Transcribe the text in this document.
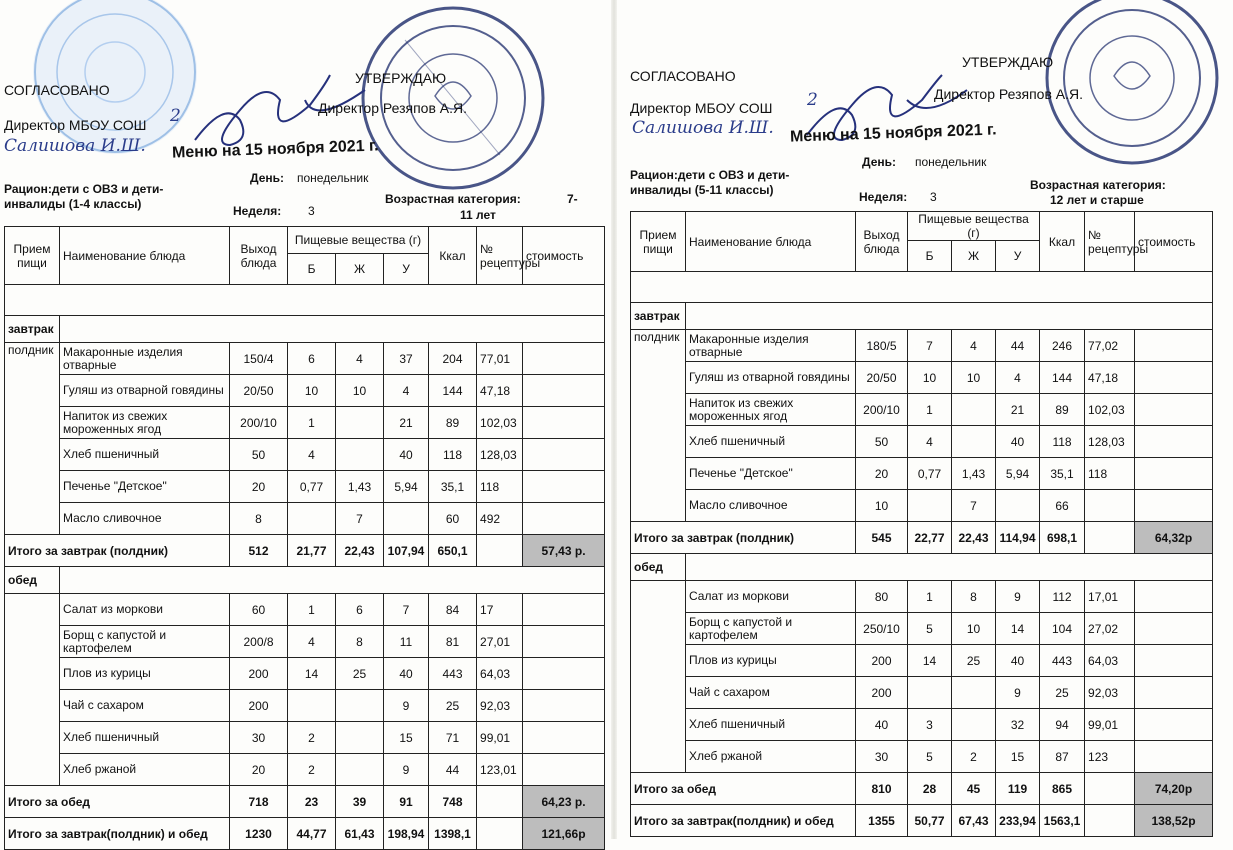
СОГЛАСОВАНО
Директор МБОУ СОШ 2
Салишова И.Ш.
УТВЕРЖДАЮ
Директор Резяпов А.Я.
Меню на 15 ноября 2021 г.
День: понедельник
Рацион:дети с ОВЗ и дети-
инвалиды (1-4 классы)	Возрастная категория:	7-
Неделя: 3	11 лет
Прием пищи	Наименование блюда	Выход блюда	Пищевые вещества (г)			Ккал	№ рецептуры	стоимость
			Б	Ж	У			

завтрак								
полдник	Макаронные изделия отварные	150/4	6	4	37	204	77,01	
	Гуляш из отварной говядины	20/50	10	10	4	144	47,18	
	Напиток из свежих мороженных ягод	200/10	1		21	89	102,03	
	Хлеб пшеничный	50	4		40	118	128,03	
	Печенье "Детское"	20	0,77	1,43	5,94	35,1	118	
	Масло сливочное	8		7		60	492	
Итого за завтрак (полдник)		512	21,77	22,43	107,94	650,1		57,43 р.
обед								
	Салат из моркови	60	1	6	7	84	17	
	Борщ с капустой и картофелем	200/8	4	8	11	81	27,01	
	Плов из курицы	200	14	25	40	443	64,03	
	Чай с сахаром	200			9	25	92,03	
	Хлеб пшеничный	30	2		15	71	99,01	
	Хлеб ржаной	20	2		9	44	123,01	
Итого за обед		718	23	39	91	748		64,23 р.
Итого за завтрак(полдник) и обед		1230	44,77	61,43	198,94	1398,1		121,66р
СОГЛАСОВАНО
Директор МБОУ СОШ 2
Салишова И.Ш.
УТВЕРЖДАЮ
Директор Резяпов А.Я.
Меню на 15 ноября 2021 г.
День: понедельник
Рацион:дети с ОВЗ и дети-
инвалиды (5-11 классы)	Возрастная категория:
Неделя: 3	12 лет и старше
Прием пищи	Наименование блюда	Выход блюда	Пищевые вещества (г)			Ккал	№ рецептуры	стоимость
			Б	Ж	У			

завтрак								
полдник	Макаронные изделия отварные	180/5	7	4	44	246	77,02	
	Гуляш из отварной говядины	20/50	10	10	4	144	47,18	
	Напиток из свежих мороженных ягод	200/10	1		21	89	102,03	
	Хлеб пшеничный	50	4		40	118	128,03	
	Печенье "Детское"	20	0,77	1,43	5,94	35,1	118	
	Масло сливочное	10		7		66		
Итого за завтрак (полдник)		545	22,77	22,43	114,94	698,1		64,32р
обед								
	Салат из моркови	80	1	8	9	112	17,01	
	Борщ с капустой и картофелем	250/10	5	10	14	104	27,02	
	Плов из курицы	200	14	25	40	443	64,03	
	Чай с сахаром	200			9	25	92,03	
	Хлеб пшеничный	40	3		32	94	99,01	
	Хлеб ржаной	30	5	2	15	87	123	
Итого за обед		810	28	45	119	865		74,20р
Итого за завтрак(полдник) и обед		1355	50,77	67,43	233,94	1563,1		138,52р
